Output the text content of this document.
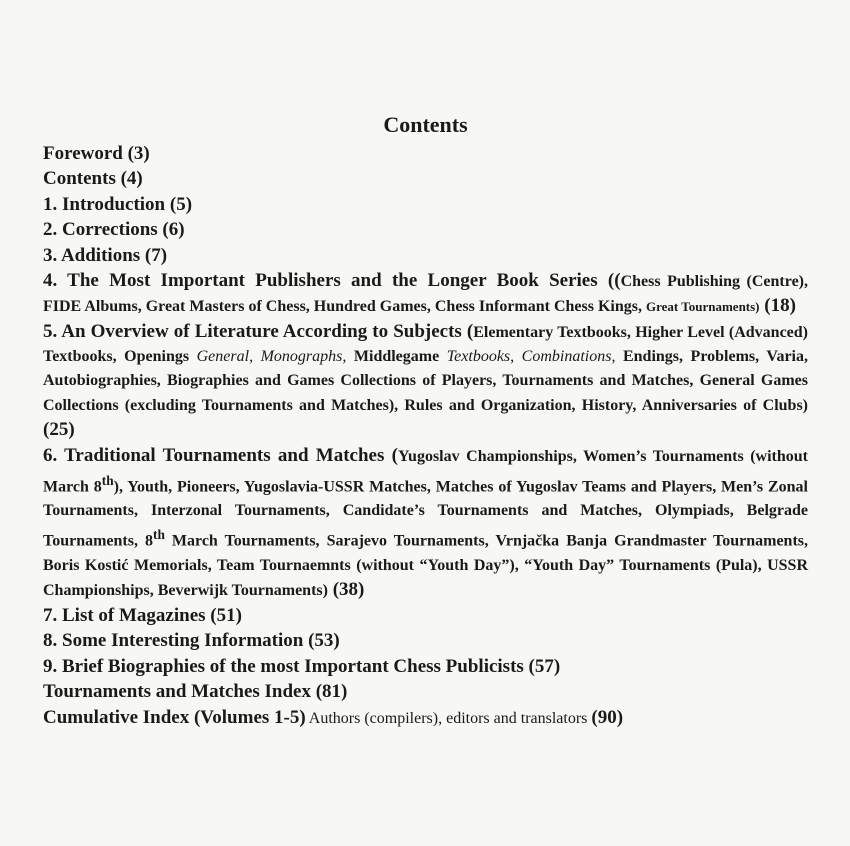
Contents

Foreword (3)

Contents (4)

1. Introduction (5)

2. Corrections (6)

3. Additions (7)

4. The Most Important Publishers and the Longer Book Series ((Chess Publishing (Centre), FIDE Albums, Great Masters of Chess, Hundred Games, Chess Informant Chess Kings, Great Tournaments) (18)

5. An Overview of Literature According to Subjects (Elementary Textbooks, Higher Level (Advanced) Textbooks, Openings General, Monographs, Middlegame Textbooks, Combinations, Endings, Problems, Varia, Autobiographies, Biographies and Games Collections of Players, Tournaments and Matches, General Games Collections (excluding Tournaments and Matches), Rules and Organization, History, Anniversaries of Clubs) (25)

6. Traditional Tournaments and Matches (Yugoslav Championships, Women’s Tournaments (without March 8th), Youth, Pioneers, Yugoslavia-USSR Matches, Matches of Yugoslav Teams and Players, Men’s Zonal Tournaments, Interzonal Tournaments, Candidate’s Tournaments and Matches, Olympiads, Belgrade Tournaments, 8th March Tournaments, Sarajevo Tournaments, Vrnjačka Banja Grandmaster Tournaments, Boris Kostić Memorials, Team Tournaemnts (without “Youth Day”), “Youth Day” Tournaments (Pula), USSR Championships, Beverwijk Tournaments) (38)

7. List of Magazines (51)

8. Some Interesting Information (53)

9. Brief Biographies of the most Important Chess Publicists (57)

Tournaments and Matches Index (81)

Cumulative Index (Volumes 1-5) Authors (compilers), editors and translators (90)
